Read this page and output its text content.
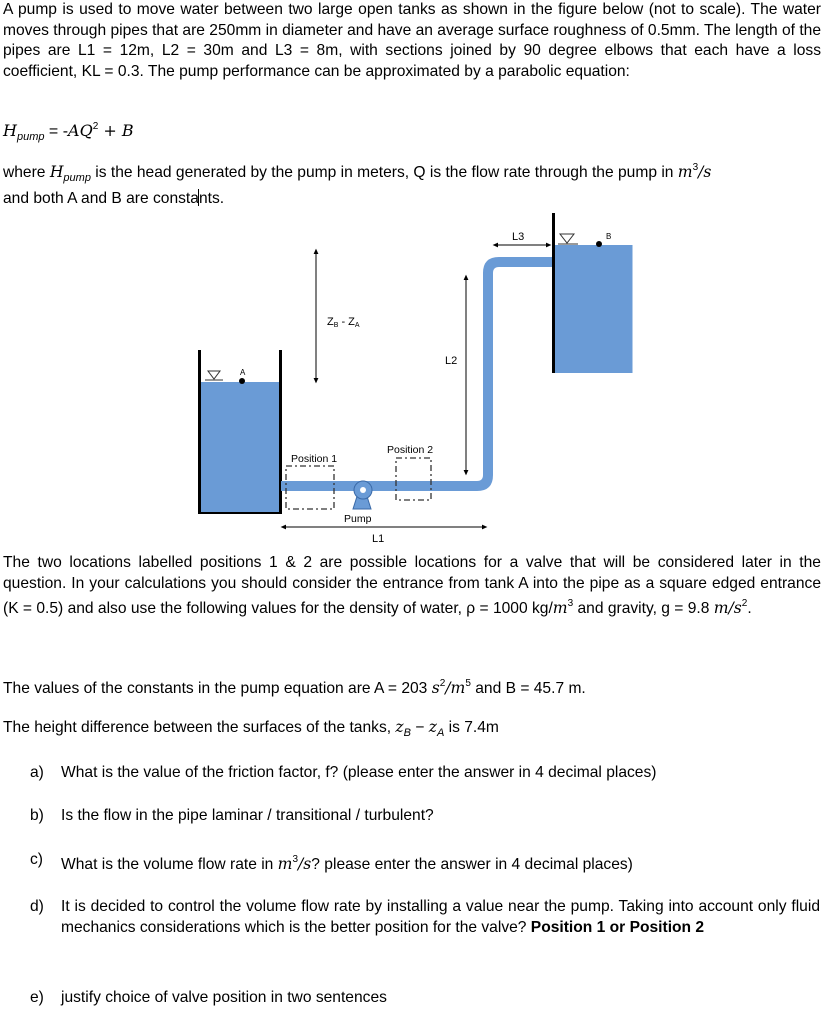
A pump is used to move water between two large open tanks as shown in the figure below (not to scale). The water moves through pipes that are 250mm in diameter and have an average surface roughness of 0.5mm. The length of the pipes are L1 = 12m, L2 = 30m and L3 = 8m, with sections joined by 90 degree elbows that each have a loss coefficient, KL = 0.3. The pump performance can be approximated by a parabolic equation:

$H_{pump} = -AQ^2 + B$

where $H_{pump}$ is the head generated by the pump in meters, Q is the flow rate through the pump in $m^3/s$
and both A and B are constants.

A
B
Pump
Position 1
Position 2
ZB - ZA
L2
L1
L3

The two locations labelled positions 1 & 2 are possible locations for a valve that will be considered later in the question. In your calculations you should consider the entrance from tank A into the pipe as a square edged entrance (K = 0.5) and also use the following values for the density of water, ρ = 1000 $kg/m^3$ and gravity, g = 9.8 $m/s^2$.

The values of the constants in the pump equation are A = 203 $s^2/m^5$ and B = 45.7 m.

The height difference between the surfaces of the tanks, $z_B - z_A$ is 7.4m

a) What is the value of the friction factor, f? (please enter the answer in 4 decimal places)
b) Is the flow in the pipe laminar / transitional / turbulent?
c) What is the volume flow rate in $m^3/s$? please enter the answer in 4 decimal places)
d) It is decided to control the volume flow rate by installing a value near the pump. Taking into account only fluid mechanics considerations which is the better position for the valve? Position 1 or Position 2
e) justify choice of valve position in two sentences
